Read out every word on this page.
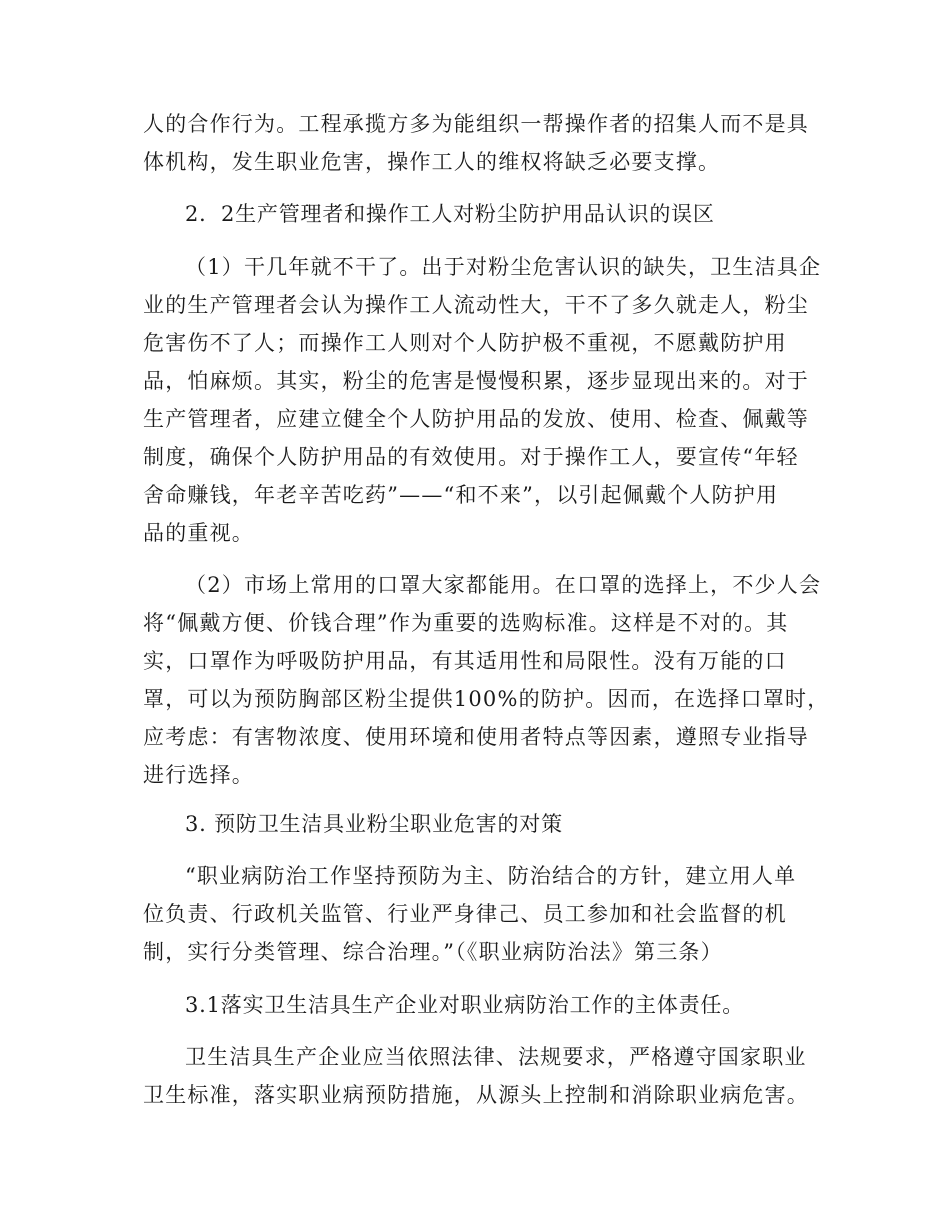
人的合作行为。工程承揽方多为能组织一帮操作者的招集人而不是具
体机构，发生职业危害，操作工人的维权将缺乏必要支撑。
2．2生产管理者和操作工人对粉尘防护用品认识的误区
（1）干几年就不干了。出于对粉尘危害认识的缺失，卫生洁具企
业的生产管理者会认为操作工人流动性大，干不了多久就走人，粉尘
危害伤不了人；而操作工人则对个人防护极不重视，不愿戴防护用
品，怕麻烦。其实，粉尘的危害是慢慢积累，逐步显现出来的。对于
生产管理者，应建立健全个人防护用品的发放、使用、检查、佩戴等
制度，确保个人防护用品的有效使用。对于操作工人，要宣传“年轻
舍命赚钱，年老辛苦吃药”——“和不来”，以引起佩戴个人防护用
品的重视。
（2）市场上常用的口罩大家都能用。在口罩的选择上，不少人会
将“佩戴方便、价钱合理”作为重要的选购标准。这样是不对的。其
实，口罩作为呼吸防护用品，有其适用性和局限性。没有万能的口
罩，可以为预防胸部区粉尘提供100%的防护。因而，在选择口罩时，
应考虑：有害物浓度、使用环境和使用者特点等因素，遵照专业指导
进行选择。
3. 预防卫生洁具业粉尘职业危害的对策
“职业病防治工作坚持预防为主、防治结合的方针，建立用人单
位负责、行政机关监管、行业严身律己、员工参加和社会监督的机
制，实行分类管理、综合治理。”（《职业病防治法》第三条）
3.1落实卫生洁具生产企业对职业病防治工作的主体责任。
卫生洁具生产企业应当依照法律、法规要求，严格遵守国家职业
卫生标准，落实职业病预防措施，从源头上控制和消除职业病危害。
